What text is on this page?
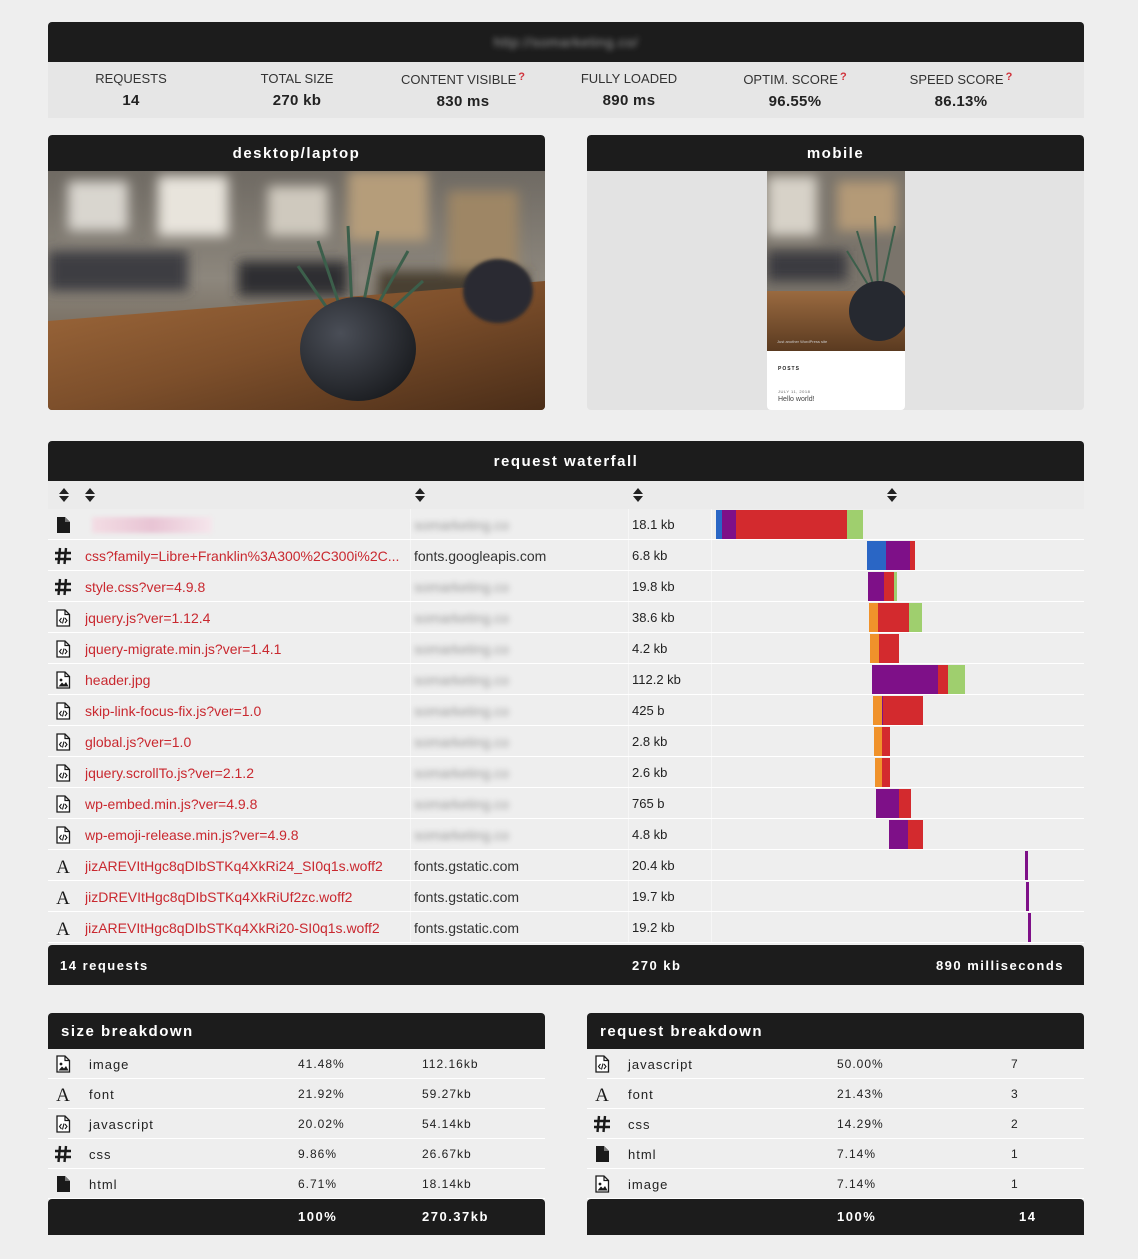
http://somarketing.co/
REQUESTS
14
TOTAL SIZE
270 kb
CONTENT VISIBLE ?
830 ms
FULLY LOADED
890 ms
OPTIM. SCORE ?
96.55%
SPEED SCORE ?
86.13%
desktop/laptop	mobile
Just another WordPress site
POSTS
JULY 11, 2018
Hello world!
request waterfall
somarketing.co	18.1 kb
css?family=Libre+Franklin%3A300%2C300i%2C... fonts.googleapis.com	6.8 kb
style.css?ver=4.9.8	somarketing.co	19.8 kb
jquery.js?ver=1.12.4	somarketing.co	38.6 kb
jquery-migrate.min.js?ver=1.4.1	somarketing.co	4.2 kb
header.jpg	somarketing.co	112.2 kb
skip-link-focus-fix.js?ver=1.0	somarketing.co	425 b
global.js?ver=1.0	somarketing.co	2.8 kb
jquery.scrollTo.js?ver=2.1.2	somarketing.co	2.6 kb
wp-embed.min.js?ver=4.9.8	somarketing.co	765 b
wp-emoji-release.min.js?ver=4.9.8	somarketing.co	4.8 kb
A jizAREVItHgc8qDIbSTKq4XkRi24_SI0q1s.woff2 fonts.gstatic.com	20.4 kb
A jizDREVItHgc8qDIbSTKq4XkRiUf2zc.woff2	fonts.gstatic.com	19.7 kb
A jizAREVItHgc8qDIbSTKq4XkRi20-SI0q1s.woff2 fonts.gstatic.com	19.2 kb
14 requests	270 kb	890 milliseconds
size breakdown
image	41.48%	112.16kb
A font	21.92%	59.27kb
javascript	20.02%	54.14kb
css	9.86%	26.67kb
html	6.71%	18.14kb
100%	270.37kb
request breakdown
javascript	50.00%	7
A font	21.43%	3
css	14.29%	2
html	7.14%	1
image	7.14%	1
100%	14
